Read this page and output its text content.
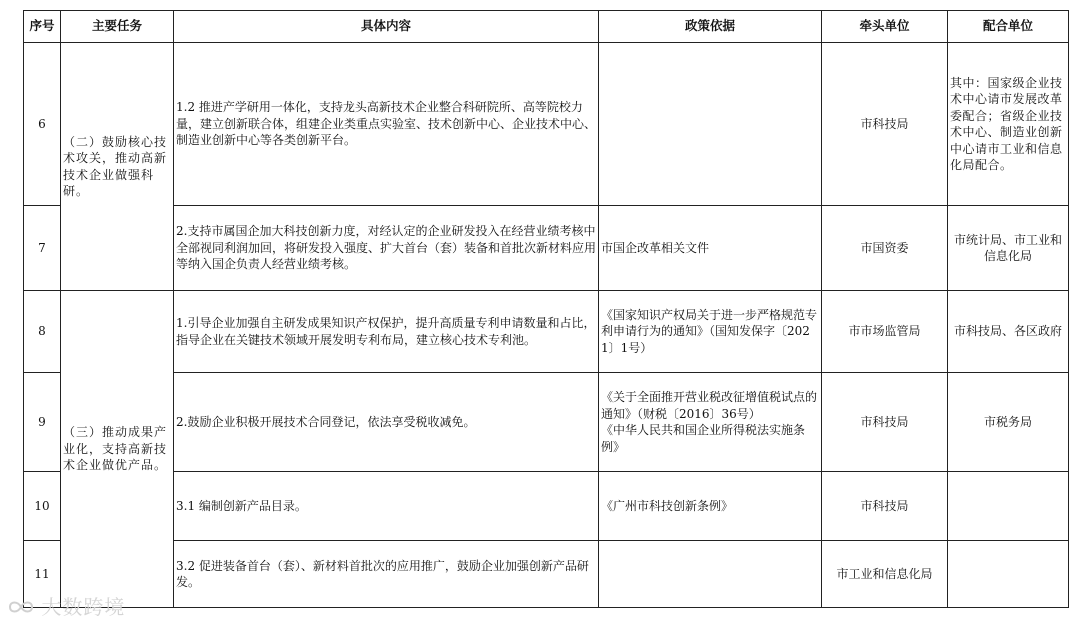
序号	主要任务	具体内容	政策依据	牵头单位	配合单位
6	（二）鼓励核心技术攻关，推动高新技术企业做强科研。	1.2 推进产学研用一体化，支持龙头高新技术企业整合科研院所、高等院校力量，建立创新联合体，组建企业类重点实验室、技术创新中心、企业技术中心、制造业创新中心等各类创新平台。		市科技局	其中：国家级企业技术中心请市发展改革委配合；省级企业技术中心、制造业创新中心请市工业和信息化局配合。
7		2.支持市属国企加大科技创新力度，对经认定的企业研发投入在经营业绩考核中全部视同利润加回，将研发投入强度、扩大首台（套）装备和首批次新材料应用等纳入国企负责人经营业绩考核。	市国企改革相关文件	市国资委	市统计局、市工业和信息化局
8	（三）推动成果产业化，支持高新技术企业做优产品。	1.引导企业加强自主研发成果知识产权保护，提升高质量专利申请数量和占比，指导企业在关键技术领域开展发明专利布局，建立核心技术专利池。	《国家知识产权局关于进一步严格规范专利申请行为的通知》（国知发保字〔2021〕1号）	市市场监管局	市科技局、各区政府
9		2.鼓励企业积极开展技术合同登记，依法享受税收减免。	《关于全面推开营业税改征增值税试点的通知》（财税〔2016〕36号）
《中华人民共和国企业所得税法实施条例》	市科技局	市税务局
10		3.1 编制创新产品目录。	《广州市科技创新条例》	市科技局	
11		3.2 促进装备首台（套）、新材料首批次的应用推广，鼓励企业加强创新产品研发。		市工业和信息化局	
大数跨境
